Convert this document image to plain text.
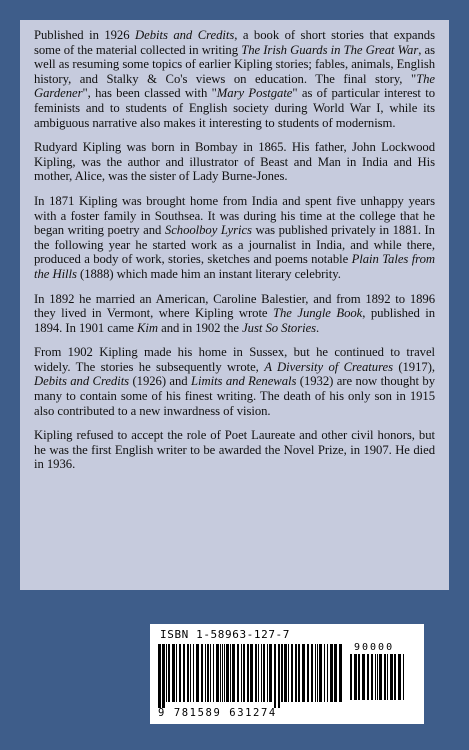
Published in 1926 Debits and Credits, a book of short stories that expands some of the material collected in writing The Irish Guards in The Great War, as well as resuming some topics of earlier Kipling stories; fables, animals, English history, and Stalky & Co's views on education. The final story, "The Gardener", has been classed with "Mary Postgate" as of particular interest to feminists and to students of English society during World War I, while its ambiguous narrative also makes it interesting to students of modernism.

Rudyard Kipling was born in Bombay in 1865. His father, John Lockwood Kipling, was the author and illustrator of Beast and Man in India and His mother, Alice, was the sister of Lady Burne-Jones.

In 1871 Kipling was brought home from India and spent five unhappy years with a foster family in Southsea. It was during his time at the college that he began writing poetry and Schoolboy Lyrics was published privately in 1881. In the following year he started work as a journalist in India, and while there, produced a body of work, stories, sketches and poems notable Plain Tales from the Hills (1888) which made him an instant literary celebrity.

In 1892 he married an American, Caroline Balestier, and from 1892 to 1896 they lived in Vermont, where Kipling wrote The Jungle Book, published in 1894. In 1901 came Kim and in 1902 the Just So Stories.

From 1902 Kipling made his home in Sussex, but he continued to travel widely. The stories he subsequently wrote, A Diversity of Creatures (1917), Debits and Credits (1926) and Limits and Renewals (1932) are now thought by many to contain some of his finest writing. The death of his only son in 1915 also contributed to a new inwardness of vision.

Kipling refused to accept the role of Poet Laureate and other civil honors, but he was the first English writer to be awarded the Novel Prize, in 1907. He died in 1936.

ISBN 1-58963-127-7
90000
9 781589 631274
